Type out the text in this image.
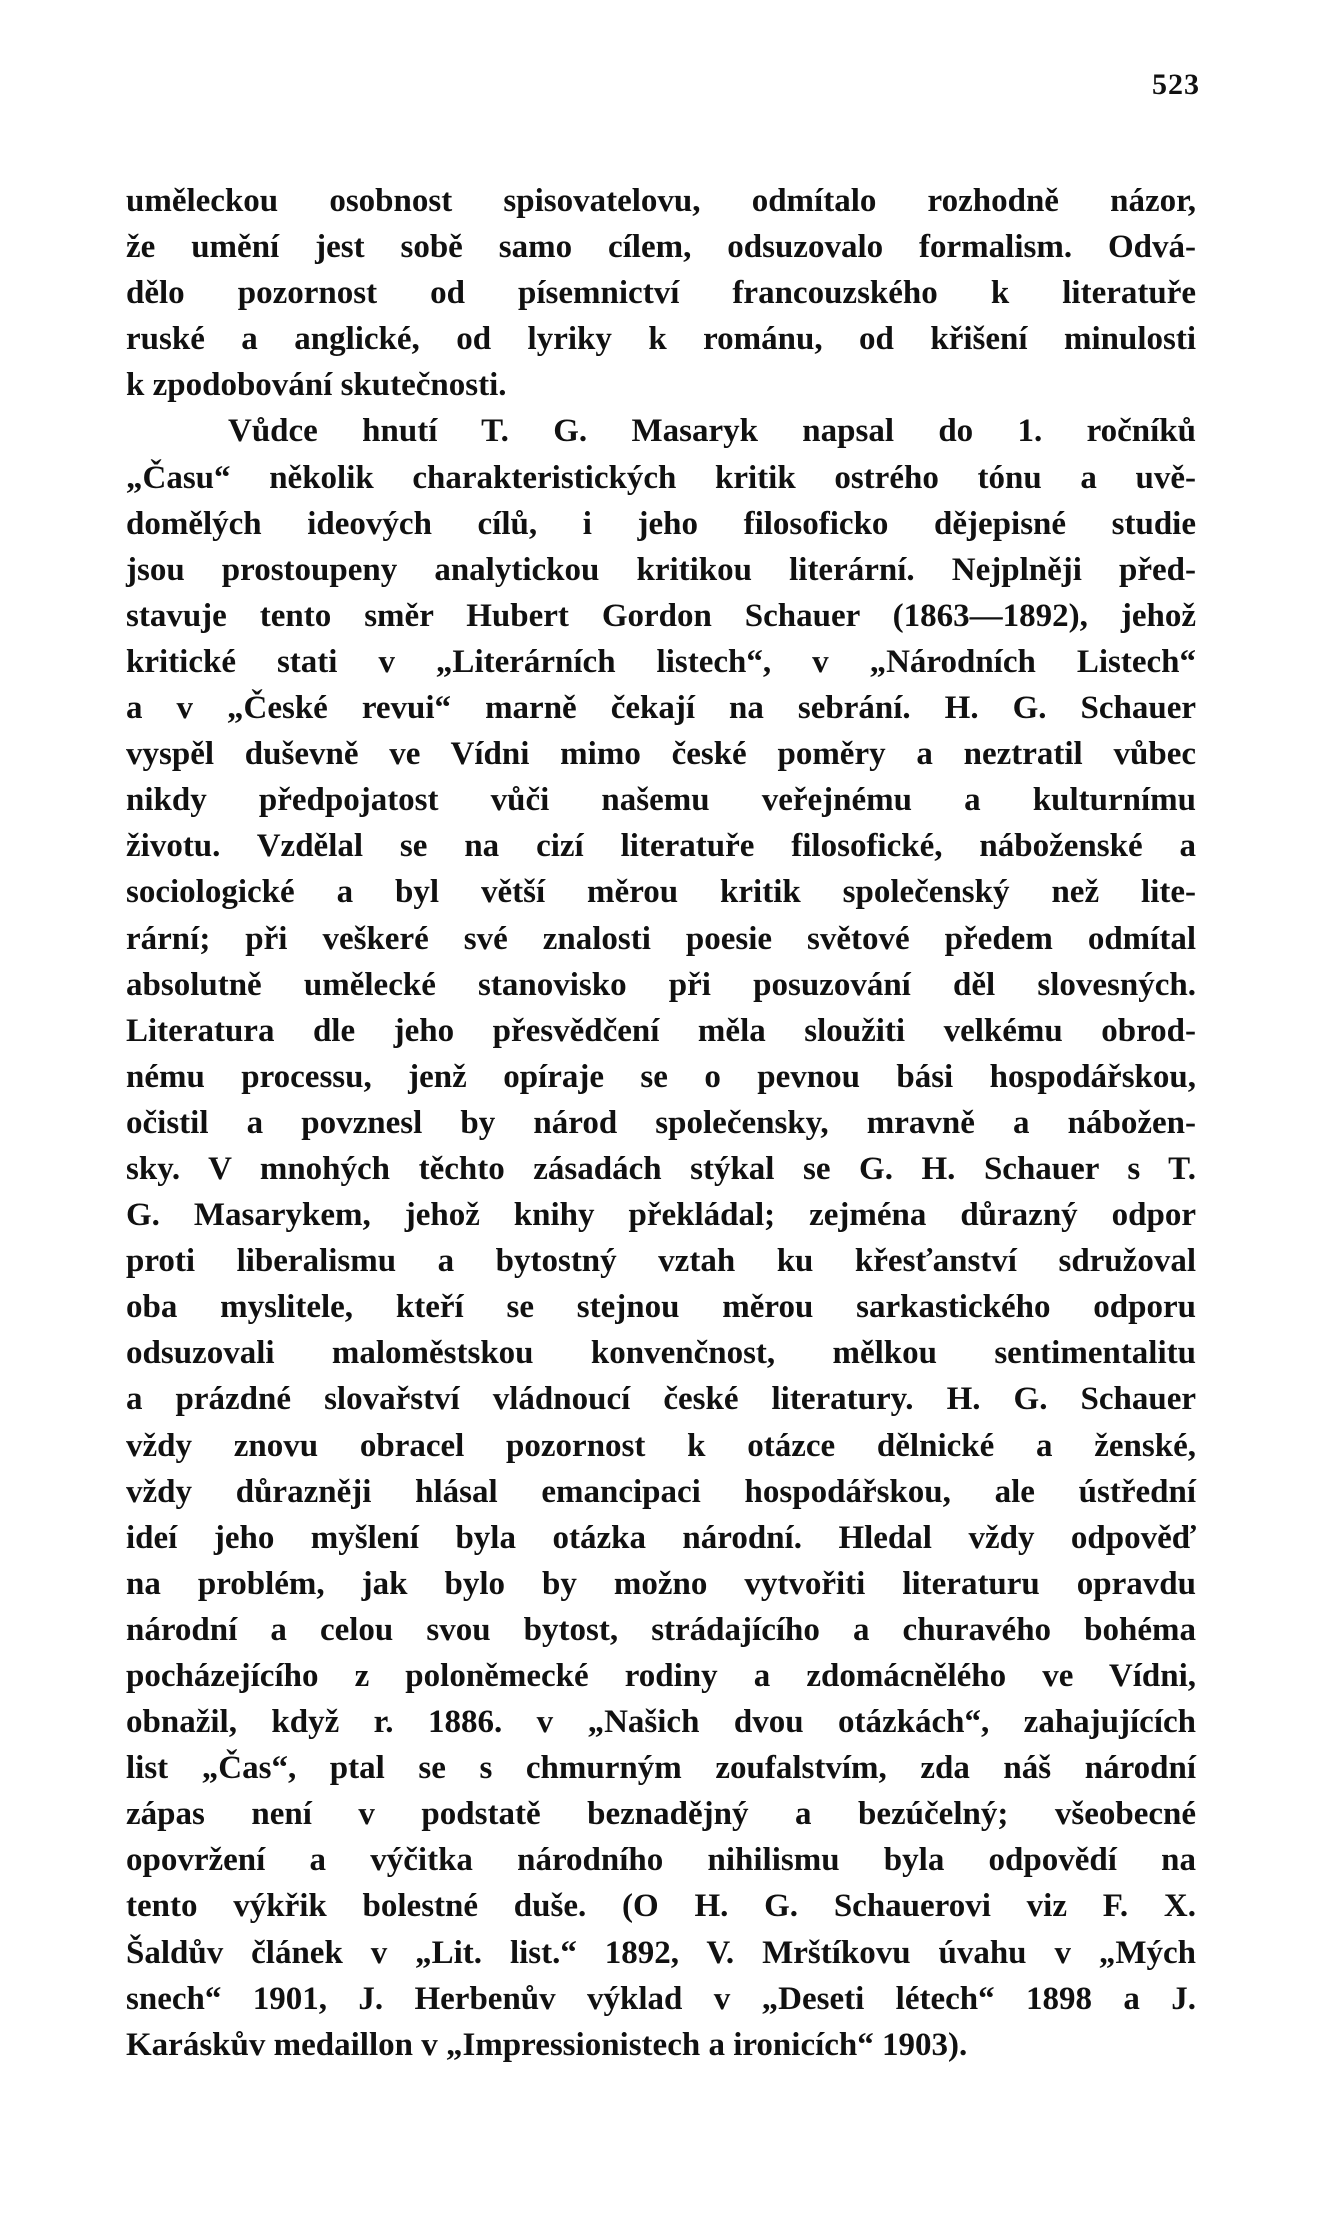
523
uměleckou osobnost spisovatelovu, odmítalo rozhodně názor,
že umění jest sobě samo cílem, odsuzovalo formalism. Odvá-
dělo pozornost od písemnictví francouzského k literatuře
ruské a anglické, od lyriky k románu, od křišení minulosti
k zpodobování skutečnosti.
Vůdce hnutí T. G. Masaryk napsal do 1. ročníků
„Času“ několik charakteristických kritik ostrého tónu a uvě-
domělých ideových cílů, i jeho filosoficko dějepisné studie
jsou prostoupeny analytickou kritikou literární. Nejplněji před-
stavuje tento směr Hubert Gordon Schauer (1863—1892), jehož
kritické stati v „Literárních listech“, v „Národních Listech“
a v „České revui“ marně čekají na sebrání. H. G. Schauer
vyspěl duševně ve Vídni mimo české poměry a neztratil vůbec
nikdy předpojatost vůči našemu veřejnému a kulturnímu
životu. Vzdělal se na cizí literatuře filosofické, náboženské a
sociologické a byl větší měrou kritik společenský než lite-
rární; při veškeré své znalosti poesie světové předem odmítal
absolutně umělecké stanovisko při posuzování děl slovesných.
Literatura dle jeho přesvědčení měla sloužiti velkému obrod-
nému processu, jenž opíraje se o pevnou bási hospodářskou,
očistil a povznesl by národ společensky, mravně a nábožen-
sky. V mnohých těchto zásadách stýkal se G. H. Schauer s T.
G. Masarykem, jehož knihy překládal; zejména důrazný odpor
proti liberalismu a bytostný vztah ku křesťanství sdružoval
oba myslitele, kteří se stejnou měrou sarkastického odporu
odsuzovali maloměstskou konvenčnost, mělkou sentimentalitu
a prázdné slovařství vládnoucí české literatury. H. G. Schauer
vždy znovu obracel pozornost k otázce dělnické a ženské,
vždy důrazněji hlásal emancipaci hospodářskou, ale ústřední
ideí jeho myšlení byla otázka národní. Hledal vždy odpověď
na problém, jak bylo by možno vytvořiti literaturu opravdu
národní a celou svou bytost, strádajícího a churavého bohéma
pocházejícího z poloněmecké rodiny a zdomácnělého ve Vídni,
obnažil, když r. 1886. v „Našich dvou otázkách“, zahajujících
list „Čas“, ptal se s chmurným zoufalstvím, zda náš národní
zápas není v podstatě beznadějný a bezúčelný; všeobecné
opovržení a výčitka národního nihilismu byla odpovědí na
tento výkřik bolestné duše. (O H. G. Schauerovi viz F. X.
Šaldův článek v „Lit. list.“ 1892, V. Mrštíkovu úvahu v „Mých
snech“ 1901, J. Herbenův výklad v „Deseti létech“ 1898 a J.
Karáskův medaillon v „Impressionistech a ironicích“ 1903).
